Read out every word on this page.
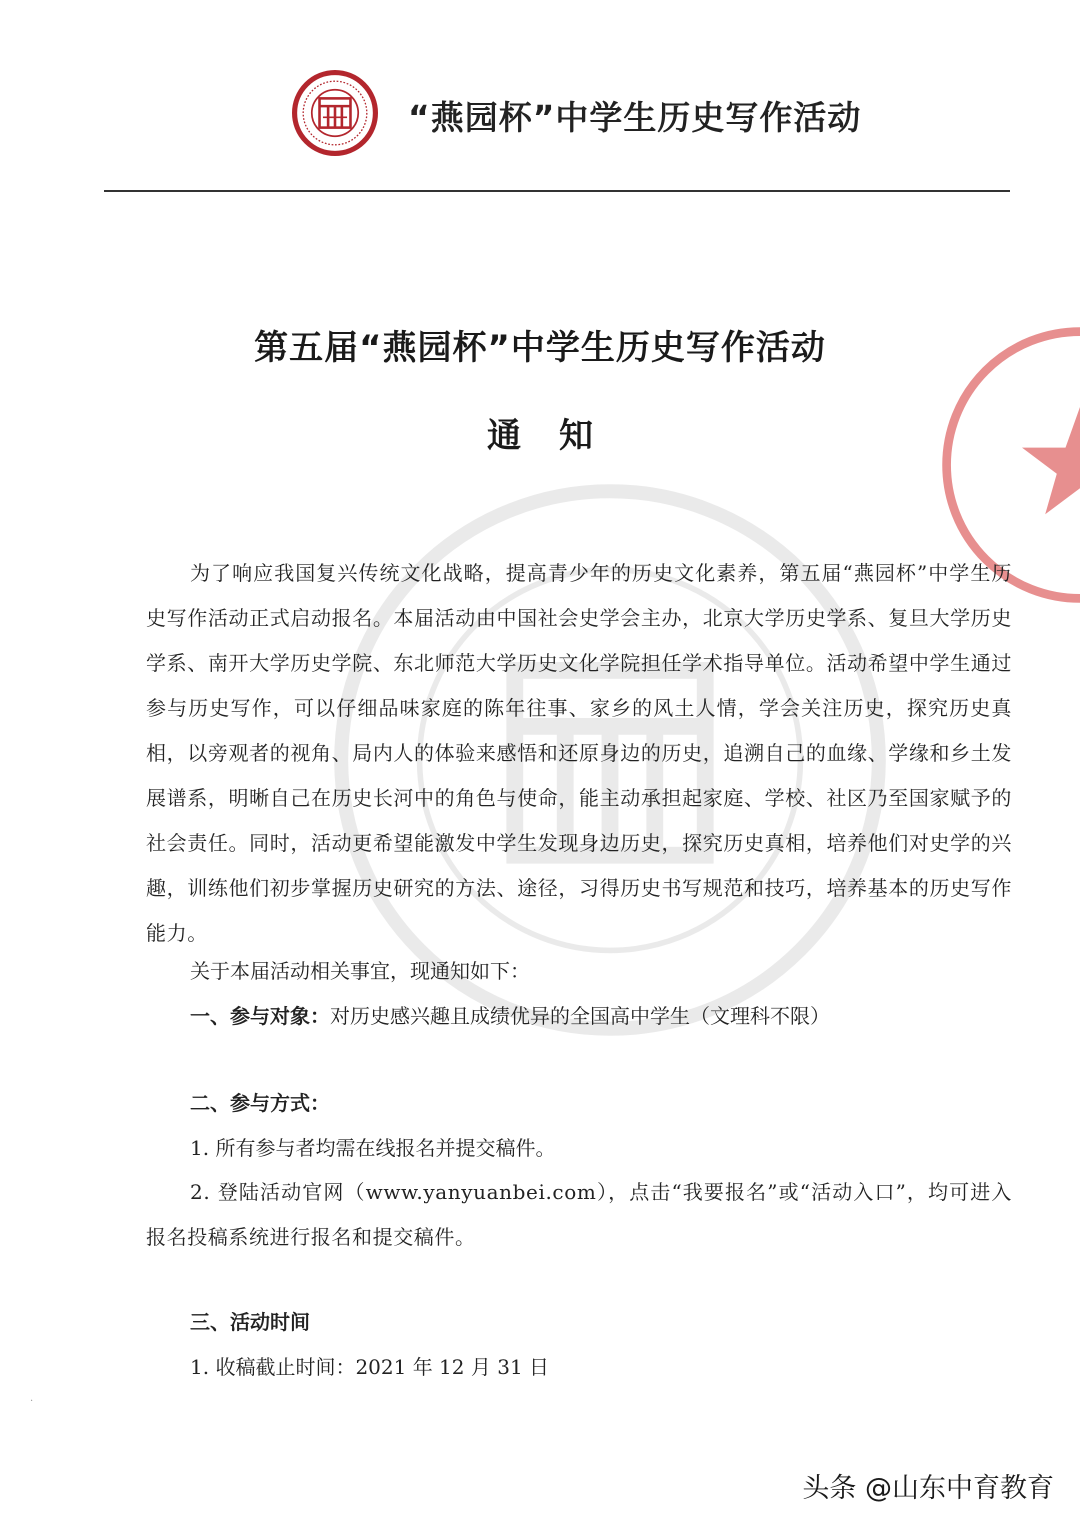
“燕园杯”中学生历史写作活动
第五届“燕园杯”中学生历史写作活动
通知

为了响应我国复兴传统文化战略，提高青少年的历史文化素养，第五届“燕园杯”中学生历史写作活动正式启动报名。本届活动由中国社会史学会主办，北京大学历史学系、复旦大学历史学系、南开大学历史学院、东北师范大学历史文化学院担任学术指导单位。活动希望中学生通过参与历史写作，可以仔细品味家庭的陈年往事、家乡的风土人情，学会关注历史，探究历史真相，以旁观者的视角、局内人的体验来感悟和还原身边的历史，追溯自己的血缘、学缘和乡土发展谱系，明晰自己在历史长河中的角色与使命，能主动承担起家庭、学校、社区乃至国家赋予的社会责任。同时，活动更希望能激发中学生发现身边历史，探究历史真相，培养他们对史学的兴趣，训练他们初步掌握历史研究的方法、途径，习得历史书写规范和技巧，培养基本的历史写作能力。

关于本届活动相关事宜，现通知如下：
一、参与对象：对历史感兴趣且成绩优异的全国高中学生（文理科不限）
二、参与方式：
1. 所有参与者均需在线报名并提交稿件。

2. 登陆活动官网（www.yanyuanbei.com），点击“我要报名”或“活动入口”，均可进入报名投稿系统进行报名和提交稿件。

三、活动时间
1. 收稿截止时间：2021 年 12 月 31 日
.
头条 @山东中育教育
